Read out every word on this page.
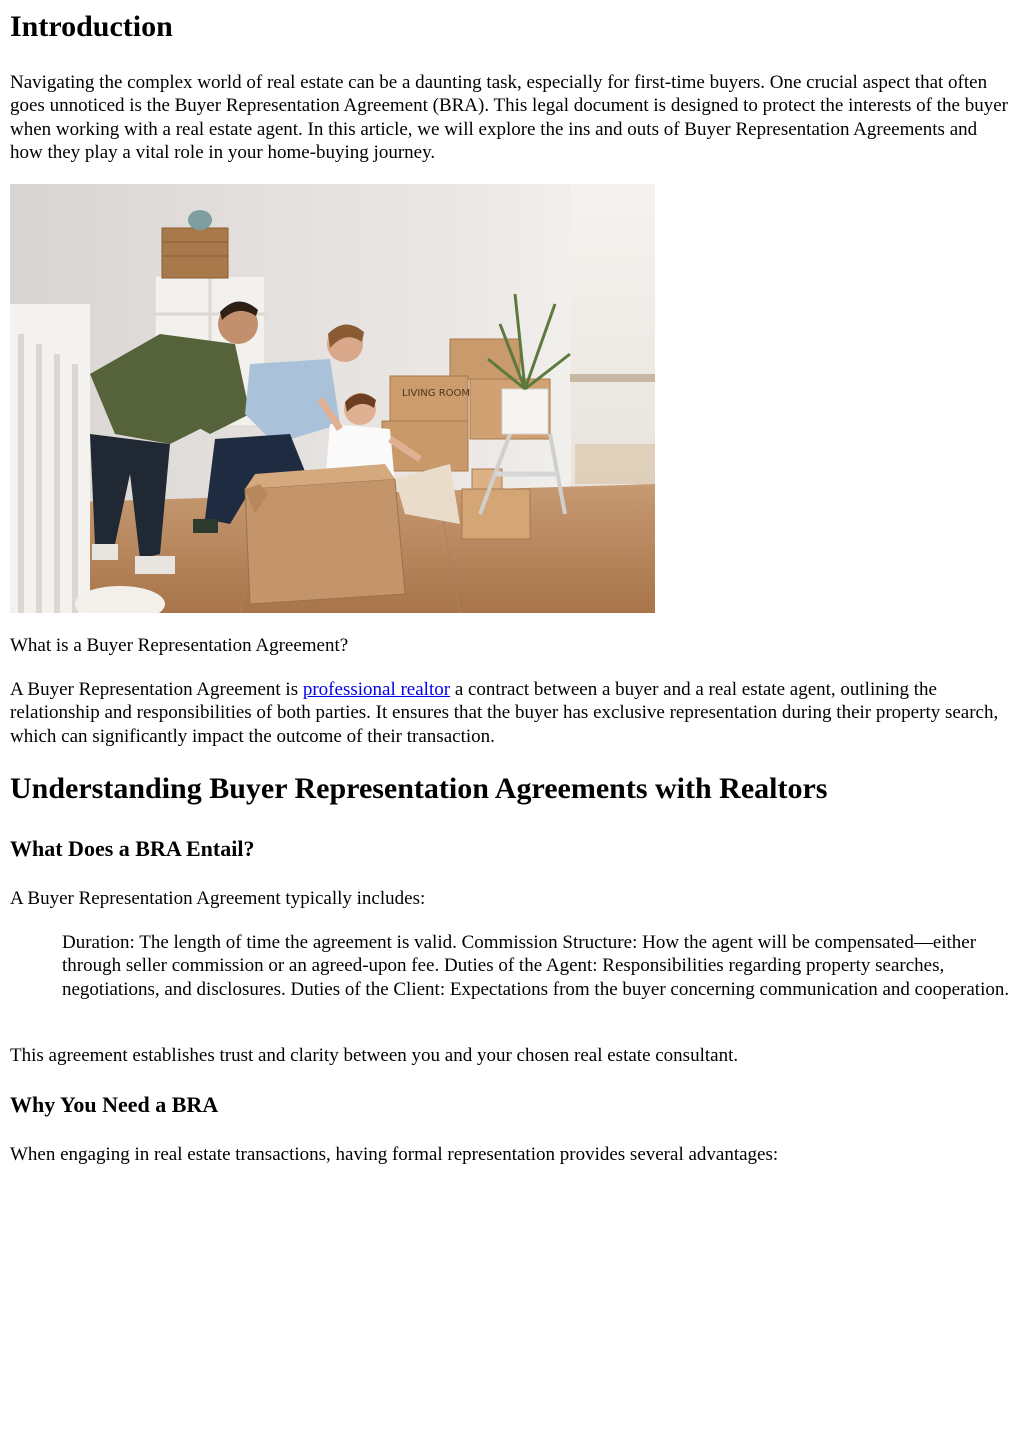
Introduction

Navigating the complex world of real estate can be a daunting task, especially for first-time buyers. One crucial aspect that often goes unnoticed is the Buyer Representation Agreement (BRA). This legal document is designed to protect the interests of the buyer when working with a real estate agent. In this article, we will explore the ins and outs of Buyer Representation Agreements and how they play a vital role in your home-buying journey.

LIVING ROOM

What is a Buyer Representation Agreement?

A Buyer Representation Agreement is professional realtor a contract between a buyer and a real estate agent, outlining the relationship and responsibilities of both parties. It ensures that the buyer has exclusive representation during their property search, which can significantly impact the outcome of their transaction.

Understanding Buyer Representation Agreements with Realtors
What Does a BRA Entail?

A Buyer Representation Agreement typically includes:

Duration: The length of time the agreement is valid. Commission Structure: How the agent will be compensated—either through seller commission or an agreed-upon fee. Duties of the Agent: Responsibilities regarding property searches, negotiations, and disclosures. Duties of the Client: Expectations from the buyer concerning communication and cooperation.

This agreement establishes trust and clarity between you and your chosen real estate consultant.

Why You Need a BRA

When engaging in real estate transactions, having formal representation provides several advantages:
